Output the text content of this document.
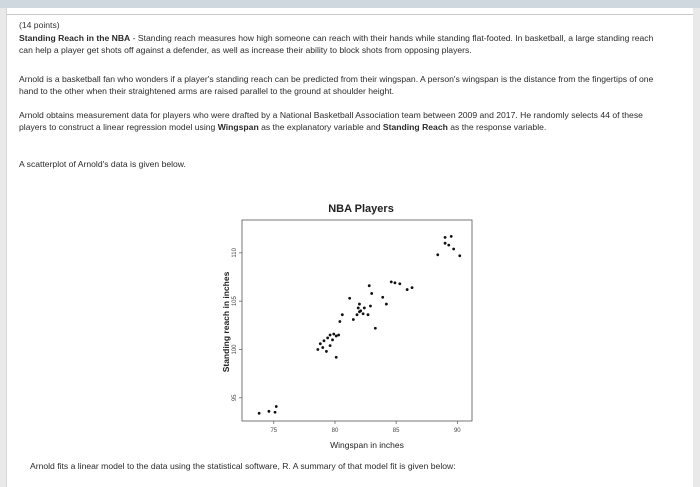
(14 points)
Standing Reach in the NBA - Standing reach measures how high someone can reach with their hands while standing flat-footed. In basketball, a large standing reach can help a player get shots off against a defender, as well as increase their ability to block shots from opposing players.
Arnold is a basketball fan who wonders if a player's standing reach can be predicted from their wingspan. A person's wingspan is the distance from the fingertips of one hand to the other when their straightened arms are raised parallel to the ground at shoulder height.
Arnold obtains measurement data for players who were drafted by a National Basketball Association team between 2009 and 2017. He randomly selects 44 of these players to construct a linear regression model using Wingspan as the explanatory variable and Standing Reach as the response variable.
A scatterplot of Arnold's data is given below.
NBA Players
75	80	85	90
95
100
105
110
Wingspan in inches
Standing reach in inches
Arnold fits a linear model to the data using the statistical software, R. A summary of that model fit is given below:
